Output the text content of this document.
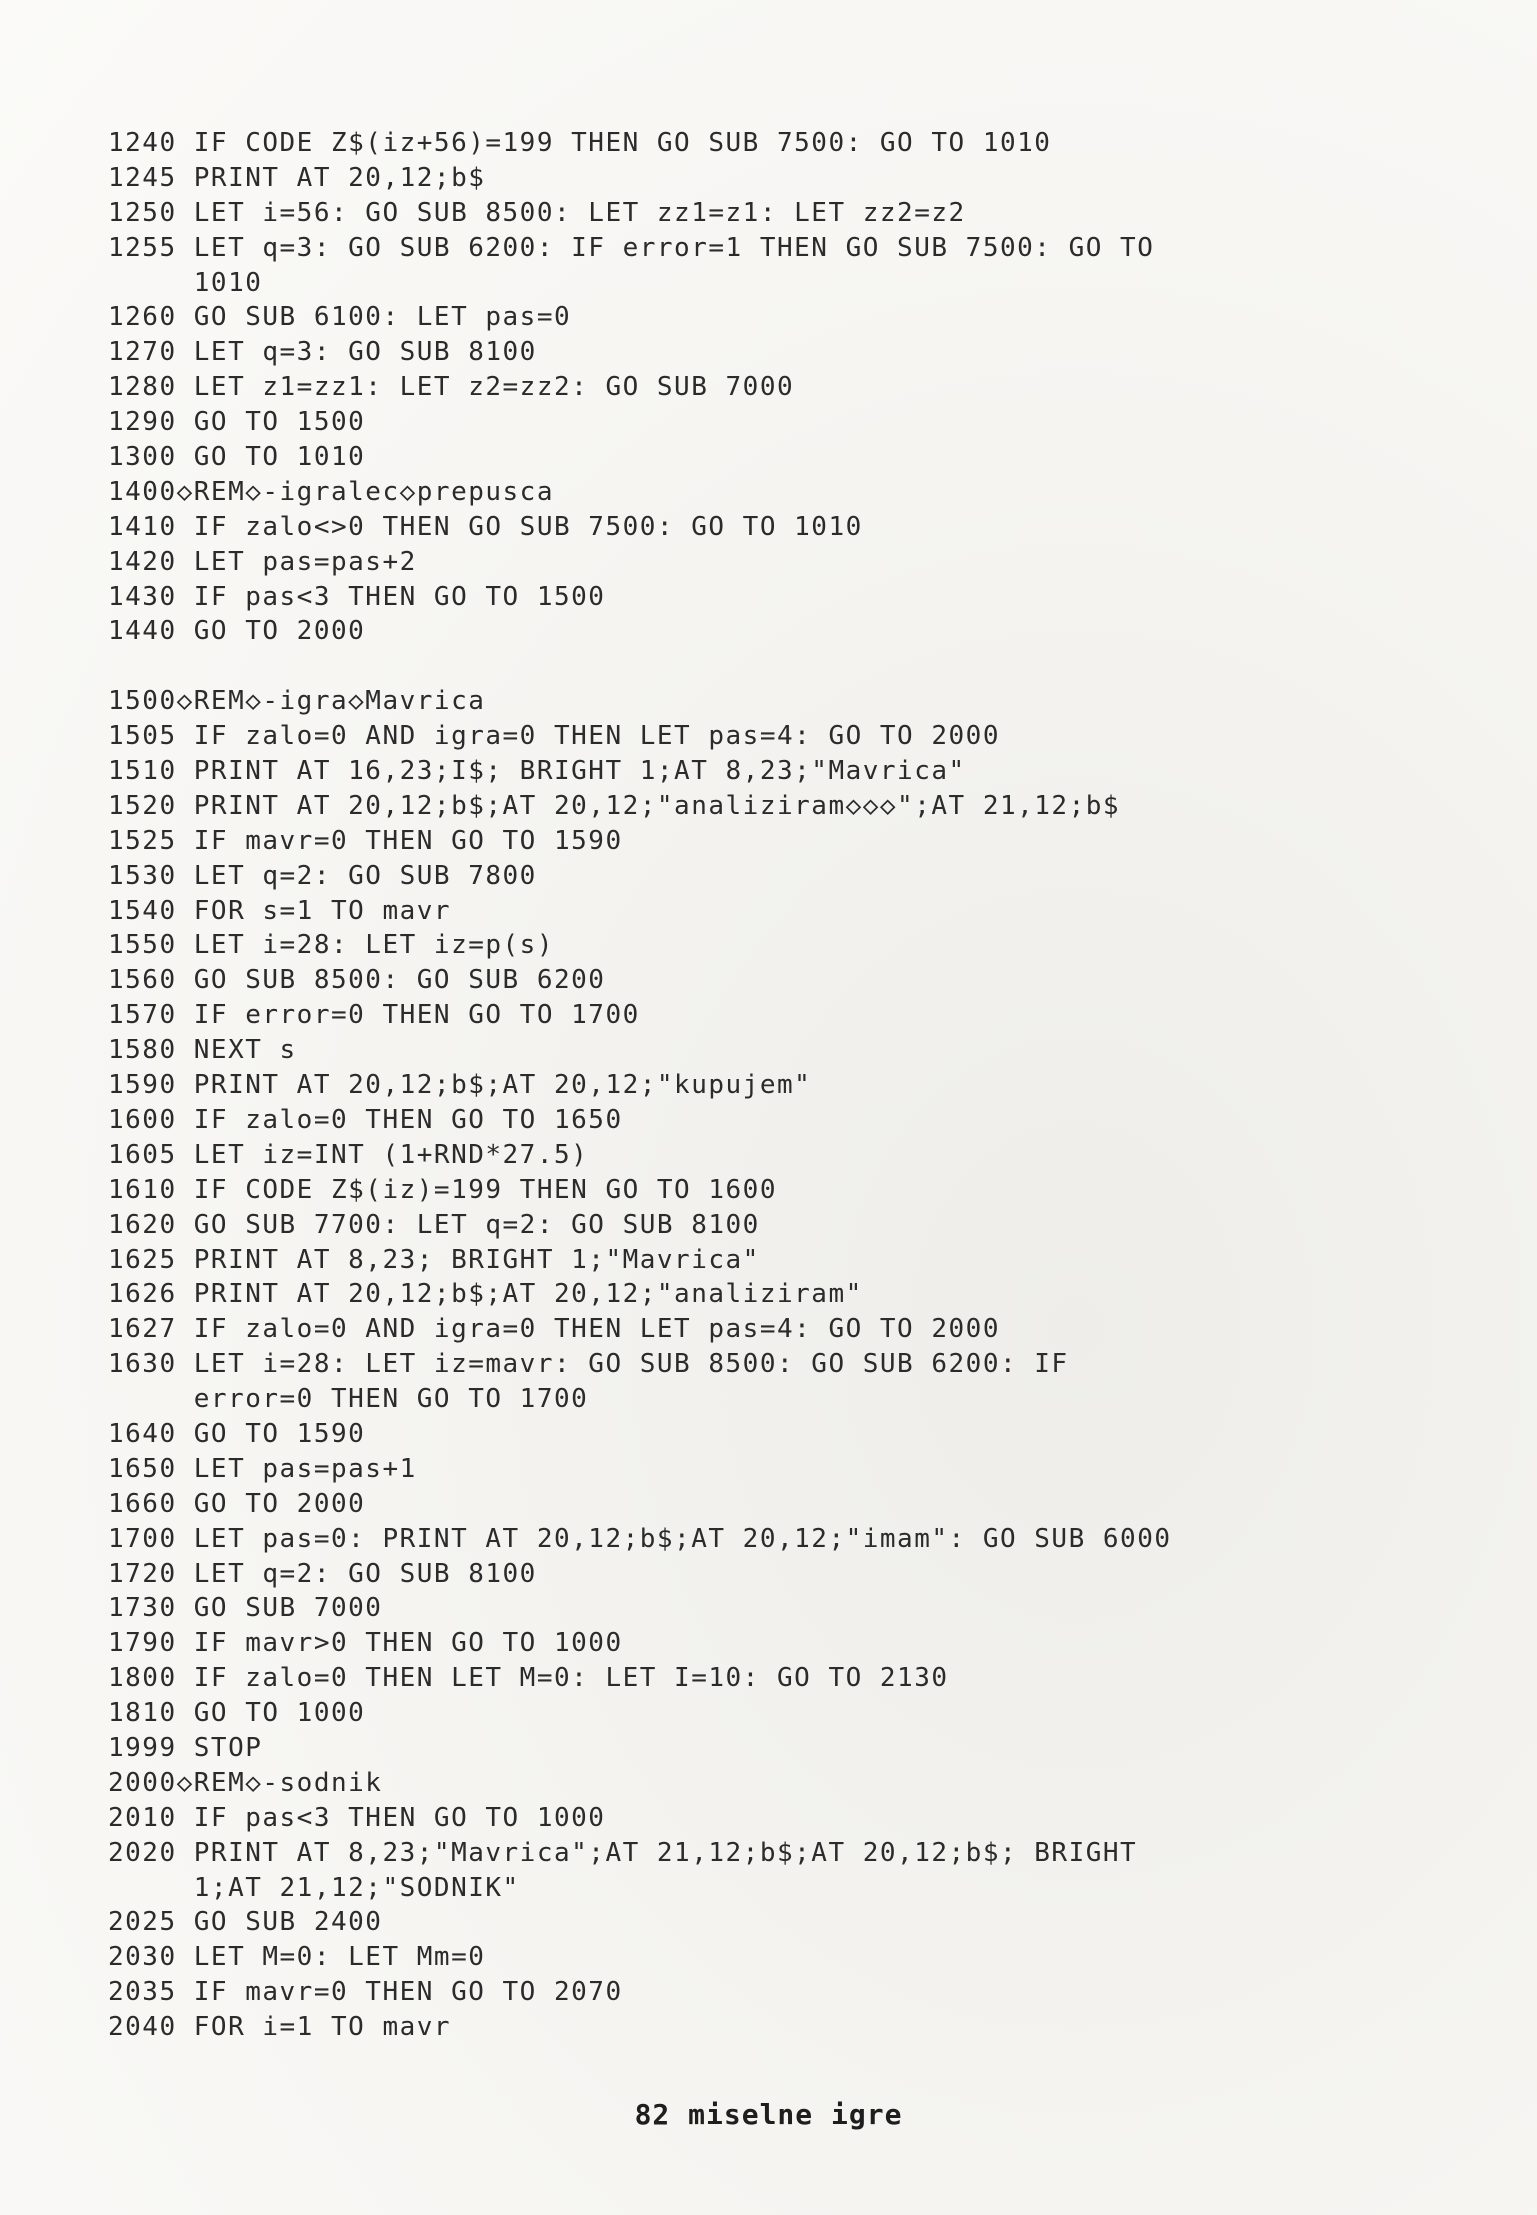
1240 IF CODE Z$(iz+56)=199 THEN GO SUB 7500: GO TO 1010
1245 PRINT AT 20,12;b$
1250 LET i=56: GO SUB 8500: LET zz1=z1: LET zz2=z2
1255 LET q=3: GO SUB 6200: IF error=1 THEN GO SUB 7500: GO TO
1010
1260 GO SUB 6100: LET pas=0
1270 LET q=3: GO SUB 8100
1280 LET z1=zz1: LET z2=zz2: GO SUB 7000
1290 GO TO 1500
1300 GO TO 1010
1400◇REM◇-igralec◇prepusca
1410 IF zalo<>0 THEN GO SUB 7500: GO TO 1010
1420 LET pas=pas+2
1430 IF pas<3 THEN GO TO 1500
1440 GO TO 2000
1500◇REM◇-igra◇Mavrica
1505 IF zalo=0 AND igra=0 THEN LET pas=4: GO TO 2000
1510 PRINT AT 16,23;I$; BRIGHT 1;AT 8,23;"Mavrica"
1520 PRINT AT 20,12;b$;AT 20,12;"analiziram◇◇◇";AT 21,12;b$
1525 IF mavr=0 THEN GO TO 1590
1530 LET q=2: GO SUB 7800
1540 FOR s=1 TO mavr
1550 LET i=28: LET iz=p(s)
1560 GO SUB 8500: GO SUB 6200
1570 IF error=0 THEN GO TO 1700
1580 NEXT s
1590 PRINT AT 20,12;b$;AT 20,12;"kupujem"
1600 IF zalo=0 THEN GO TO 1650
1605 LET iz=INT (1+RND*27.5)
1610 IF CODE Z$(iz)=199 THEN GO TO 1600
1620 GO SUB 7700: LET q=2: GO SUB 8100
1625 PRINT AT 8,23; BRIGHT 1;"Mavrica"
1626 PRINT AT 20,12;b$;AT 20,12;"analiziram"
1627 IF zalo=0 AND igra=0 THEN LET pas=4: GO TO 2000
1630 LET i=28: LET iz=mavr: GO SUB 8500: GO SUB 6200: IF
error=0 THEN GO TO 1700
1640 GO TO 1590
1650 LET pas=pas+1
1660 GO TO 2000
1700 LET pas=0: PRINT AT 20,12;b$;AT 20,12;"imam": GO SUB 6000
1720 LET q=2: GO SUB 8100
1730 GO SUB 7000
1790 IF mavr>0 THEN GO TO 1000
1800 IF zalo=0 THEN LET M=0: LET I=10: GO TO 2130
1810 GO TO 1000
1999 STOP
2000◇REM◇-sodnik
2010 IF pas<3 THEN GO TO 1000
2020 PRINT AT 8,23;"Mavrica";AT 21,12;b$;AT 20,12;b$; BRIGHT
1;AT 21,12;"SODNIK"
2025 GO SUB 2400
2030 LET M=0: LET Mm=0
2035 IF mavr=0 THEN GO TO 2070
2040 FOR i=1 TO mavr
82 miselne igre
